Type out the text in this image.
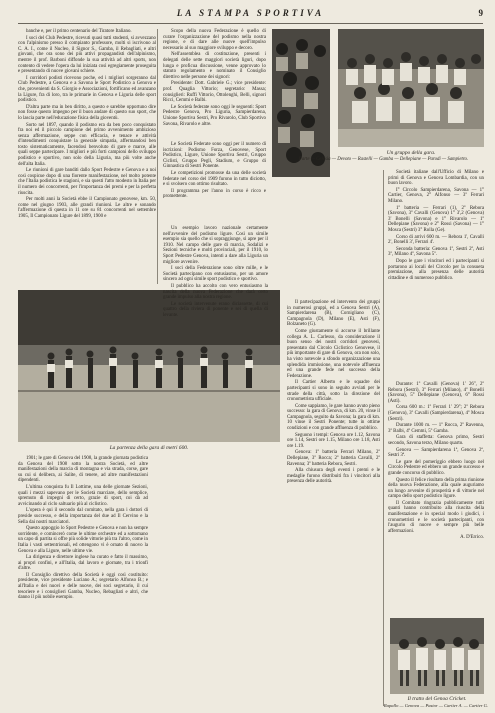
LA STAMPA SPORTIVA	9

banche e, per il primo centenario del Tiratore Italiano.

I soci del Club Pedestre, ricevuti quasi tutti studenti, si avvezzano con l'alpinismo presso il compianto professore, molti si iscrivono al C. A. I., come il Nucleo, il Signor S., Gamba, il Rebagliati, e altri giovani, che ora sono dei più attivi propagandisti dell'alpinismo, mentre il prof. Barboni diffonde la sua attività ad altri sports, non contento di vedere l'opera da lui iniziata così egregiamente proseguita e presentando di nuove giovani schiere.

I corridori podisti ricevono poche, ed i migliori sorgeranno dal Club Pedestre, a Genova e a Savona le Sport Podistico a Genova e che, provenienti da S. Giorgio e Associazioni, fortificano ed avanzano la Ligure, fra di loro, tra le primarie in Genova e Liguria delle sport podistico.

D'altra parte ma in ben diritto, a questo e sarebbe opportuno dire non fosse questo impegno per il buon andare di questo suo sport, che lo lascia parte nell'educazione fisica della gioventù.

Sorto nel 1897, quando il podismo era da ben poco conquistato fra noi ed il piccolo campione del primo avvenimento ambizioso senza affermazione, seppe con efficacia, e tenace e attività d'intendimenti conquistare la generale simpatia, affermandosi ben tosto sistematicamente, facendosi benvoluto di gare e marce, alle quali seppe partecipare. I migliori e più forti campioni dello sviluppo podistico e sportivo, non solo della Liguria, ma più volte anche dell'alta Italia.

Le riunioni di gare banditi dallo Sport Pedestre e Genova e a noi così cospicue dopo di una fiorente manifestazione, nel molto potente che l'Italia podistica le stagioni, e sia questi l'atto modesto in Italia per il numero dei concorrenti, per l'importanza dei premi e per la perfetta riuscita.

Per molti anni la Società ebbe il Campionato genovese, km. 50, come nel giugno 1903, alle grandi riunioni. Le altre e sonando l'affermazione di questa in 11 ore su 81 concorrenti nel settembre 1905, Il Campionato Ligure del 1899, 1900 e

La partenza della gara di metri 600.

1901; le gare di Genova del 1908, la grande giornata podistica da Genova del 1908 sotto la nostra Società, ed altre manifestazioni della marcia di montagna e via strada, corse, gare su cui si delibera, ai Salite, di tenere, ad altre manifestazioni dipendenti.

L'ultima conquista fu Il Lottime, una delle giornate Sezioni, quali i mezzi sapevano per le Società marciare, dello semplice, spremuto di impegni di certo, grazie di sport, coi dà ad avvicinando al ciclo saltuario più al ciclistico.

L'opera è qui il secondo dal comitato, nella gara i dottori di preside successo, e della importanza del due ad Il Cervino e la Sella dai nostri marciatori.

Questo appoggio lo Sport Pedestre e Genova e non ha sempre sorridente, e comincerò come le ultime orchestre ed a sottomano un capo di partita si offre più solide vittorie più tra l'altro, come in Italia i vasti settentrionali, ed ottengono vi è ornato di nuovo la Genova e alla Ligure, nelle ultime vie.

La dirigenza e direttore inglese ha curato e fatto il massimo, ai propri confini, e all'Italia, dal lavoro e giornate, tra i trionfi d'altre.

Il Consiglio direttivo della Società è oggi così costituito: presidente, vice presidente Luciano A.; segretario Alfonso B.; e all'Italia e dei nuovi e delle nuove, dei soci segretario, il cui tesoriere e i consiglieri Gamba, Nucleo, Rebagliati e altri, che danno il più nobile esempio.

Scopo della nuova Federazione è quello di curare l'organizzazione del podismo nella nostra regione, e di dare alle nuove quell'impulso necessario al suo maggiore sviluppo e decoro.

Nell'assemblea di costituzione, presenti i delegati delle sette maggiori società liguri, dopo lunga e proficua discussione, venne approvato lo statuto regolamento e nominato il Consiglio direttivo nelle persone dei signori:

Presidente: Dott. Gabriele G.; vice presidente: prof. Quaglia Vittorio; segretario: Massa; consiglieri: Ruffi Vittorio, Ottolenghi, Belli, signori Ricci, Cemmi e Balbi.

Le Società federate sono oggi le seguenti: Sport Pedestre Genova, Pro Liguria, Sampierdarena, Unione Sportiva Sestri, Pro Rivarolo, Club Sportivo Savona, Rivarolo e altre.

Le Società Federate sono oggi per il numero di iscrizioni: Podismo Forza, Genovese, Sport Podistico, Ligure, Unione Sportiva Sestri, Gruppo Ciclisti, Gruppo Pegli, Stadium, e Gruppo di Ginnastica di Sestri Ponente.

Le competizioni promosse da una delle società federate nel corso del 1909 furono in tutto diciotto, e si svolsero con ottimo risultato.

Il programma per l'anno in corso è ricco e promettente.

Un esempio lavoro nazionale certamente nell'avvenire del podismo ligure. Così un simile esempio sia quello che si sopraggiunge, si apre per il 1910. Nel campo delle gare di marcia, Sodalizi e Sezioni tecniche e molti provinciali, per il 1910, lo Sport Pedestre Genova, intenti a dare alla Liguria un migliore avvenire.

I soci della Federazione sono oltre mille, e le Società partecipano con entusiasmo, per un amore sincero ad ogni simile sport podistico e sportivo.

Il pubblico ha accolto con vero entusiasmo la nascita della nuova Federazione che darà certo grande impulso alla nostra regione.

Le società intervenute erano diciassette, di cui quattro della riviera di ponente e sei di quella di levante.

Un gruppo della gara.
Parte — Celesia — Devoto — Rastelli — Gamba — Dellepiane — Parodi — Sampietro.

Il partecipazione ed intervento dei gruppi in numerosi gruppi, ed a Genova Sestri (A), Sampierdarena (B), Cornigliano (C), Campagnola (D), Milano (E), Asti (F), Bolzaneto (G).

Come giustamente si accorse il brillante collega A. L. Carlesso, da considerazione il buon senso dei nostri corridori genovesi, presentato dal Circolo Ciclistico Genovese, il più importante di gare di Genova, ora non solo, ha visto notevole a sfondo organizzazione una splendida immissione, una notevole affluenza ed una grande fede nel successo della Federazione.

Il Cartier Alberto e le squadre dei partecipanti si sono in seguito avviati per le strade della città, sotto la direzione del cronometrista ufficiale.

Come sappiamo, le gare hanno avuto pieno successo: la gara di Genova, di km. 20, vinse il Campagnola, seguito da Savona; la gara di km. 10 vinse il Sestri Ponente; tutte in ottime condizioni e con grande affluenza di pubblico.

Seguono i tempi: Genova ore 1.12, Savona ore 1.14, Sestri ore 1.15, Milano ore 1.18, Asti ore 1.19.

Genova: 1º batteria Ferrari Milano, 2º Dellepiane, 3º Rocca; 2º batteria Cavalli, 2º Ravenna; 3º batteria Rebora, Sestri.

Alla chiusura degli eventi i premi e le medaglie furono distribuiti fra i vincitori alla presenza delle autorità.

Società italiane dall'Ufficio di Milano e primi di Genova e Genova Lombardia, con un buon lavoro.

I° Circolo Sampierdarena, Savona — 1° Cartier, Genova, 2° Alfonso — 3º Ferrari Milano.

1º batteria — Ferrari (1), 2º Rebora (Savona), 3º Cavalli (Genova) 1° 3',2 (Genova) 3' Bonelli (Savona) e 1° Rivarolo — 1º Dellepiane (Savona) e 2° Rossi (Savona) — 1° Mosca (Sestri) 3° Rolla (Ge).

Corso di arrivi 600 m. — Rebora 1', Cavalli 2', Bonelli 3', Ferrari 4'.

Seconda batteria: Genova 1º, Sestri 2º, Asti 3º, Milano 4º, Savona 5º.

Dopo le gare i vincitori ed i partecipanti si portarono ai locali del Circolo per la consueta premiazione, alla presenza delle autorità cittadine e di numeroso pubblico.

Durante: 1º Cavalli (Genova) 1' 26'', 2º Rebora (Sestri), 3º Ferrari (Milano), 4º Bonelli (Savona), 5° Dellepiane (Genova), 6° Rossi (Asti).

Corsa 600 m.: 1º Ferrari 1' 29''; 2º Rebora (Genova), 3º Cavalli (Sampierdarena), 4º Mosca (Sestri).

Durante 1000 m. — 1º Rocca, 2º Ravenna, 3º Balbi, 4º Cemmi, 5º Gamba.

Gara di staffetta: Genova primo, Sestri secondo, Savona terzo, Milano quarto.

Genova — Sampierdarena 1ª, Genova 2ª, Sestri 3ª.

Le gare del pomeriggio ebbero luogo nel Circolo Pedestre ed ebbero un grande successo e grande concorso di pubblico.

Questo il felice risultato della prima riunione della nuova Federazione, alla quale auguriamo un lungo avvenire di prosperità e di vittorie nel campo dello sport podistico ligure.

Il Comitato ringrazia pubblicamente tutti quanti hanno contribuito alla riuscita della manifestazione e in special modo i giudici, i cronometristi e le società partecipanti, con l'augurio di nuove e sempre più belle affermazioni.

A. D'Errico.

Il tratto del Genoa Cricket.
Rapallo — Genova — Pastor — Cartier A. — Cartier G.
